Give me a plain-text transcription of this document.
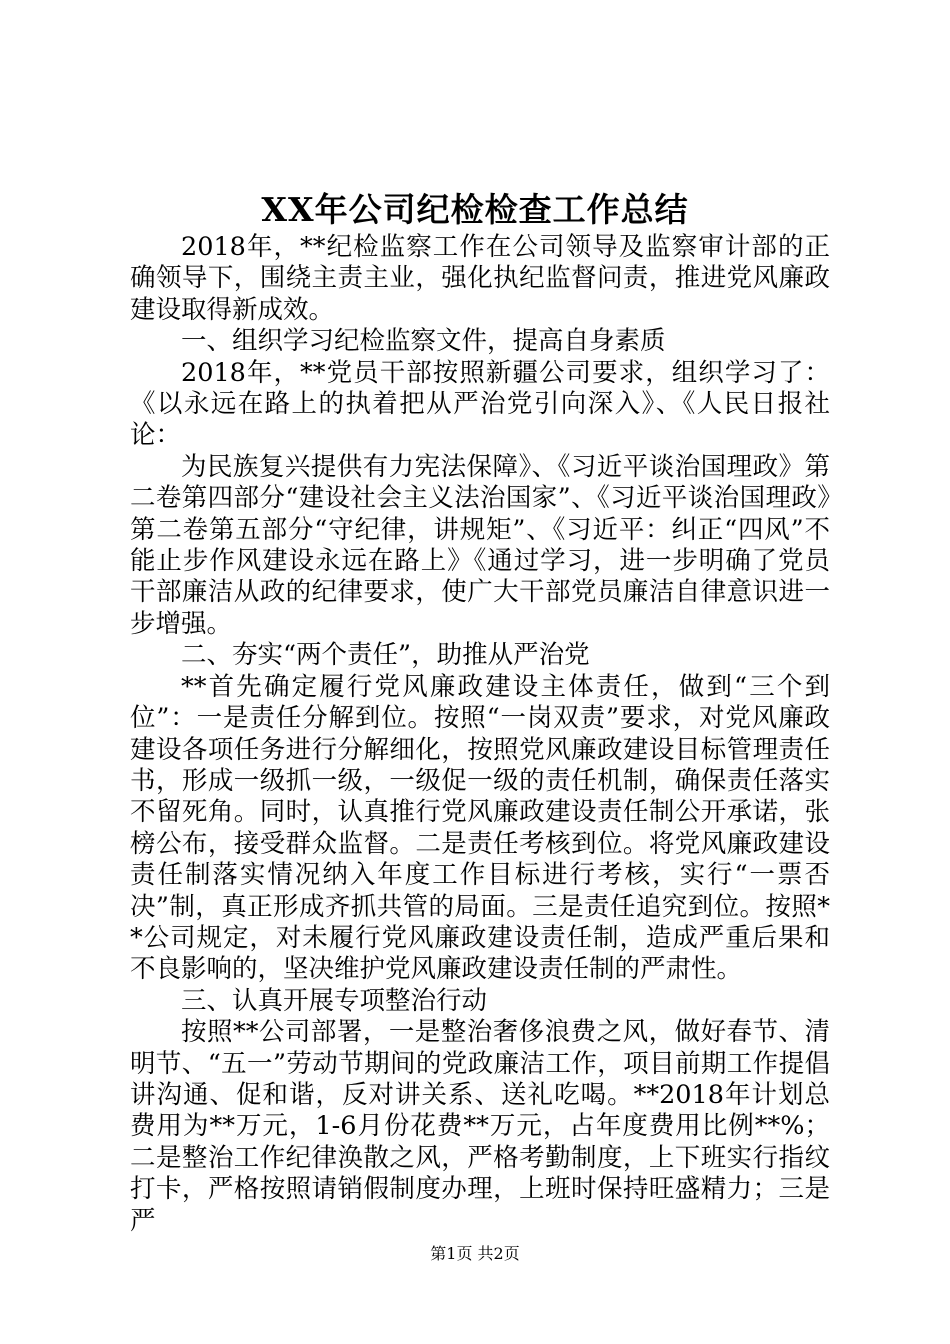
XX年公司纪检检查工作总结

2018年，**纪检监察工作在公司领导及监察审计部的正确领导下，围绕主责主业，强化执纪监督问责，推进党风廉政建设取得新成效。

一、组织学习纪检监察文件，提高自身素质

2018年，**党员干部按照新疆公司要求，组织学习了：《以永远在路上的执着把从严治党引向深入》、《人民日报社论：

为民族复兴提供有力宪法保障》、《习近平谈治国理政》第二卷第四部分“建设社会主义法治国家”、《习近平谈治国理政》第二卷第五部分“守纪律，讲规矩”、《习近平：纠正“四风”不能止步作风建设永远在路上》《通过学习，进一步明确了党员干部廉洁从政的纪律要求，使广大干部党员廉洁自律意识进一步增强。

二、夯实“两个责任”，助推从严治党

**首先确定履行党风廉政建设主体责任，做到“三个到位”：一是责任分解到位。按照“一岗双责”要求，对党风廉政建设各项任务进行分解细化，按照党风廉政建设目标管理责任书，形成一级抓一级，一级促一级的责任机制，确保责任落实不留死角。同时，认真推行党风廉政建设责任制公开承诺，张榜公布，接受群众监督。二是责任考核到位。将党风廉政建设责任制落实情况纳入年度工作目标进行考核，实行“一票否决”制，真正形成齐抓共管的局面。三是责任追究到位。按照**公司规定，对未履行党风廉政建设责任制，造成严重后果和不良影响的，坚决维护党风廉政建设责任制的严肃性。

三、认真开展专项整治行动

按照**公司部署，一是整治奢侈浪费之风，做好春节、清明节、“五一”劳动节期间的党政廉洁工作，项目前期工作提倡讲沟通、促和谐，反对讲关系、送礼吃喝。**2018年计划总费用为**万元，1-6月份花费**万元，占年度费用比例**%；二是整治工作纪律涣散之风，严格考勤制度，上下班实行指纹打卡，严格按照请销假制度办理，上班时保持旺盛精力；三是严

第1页 共2页
